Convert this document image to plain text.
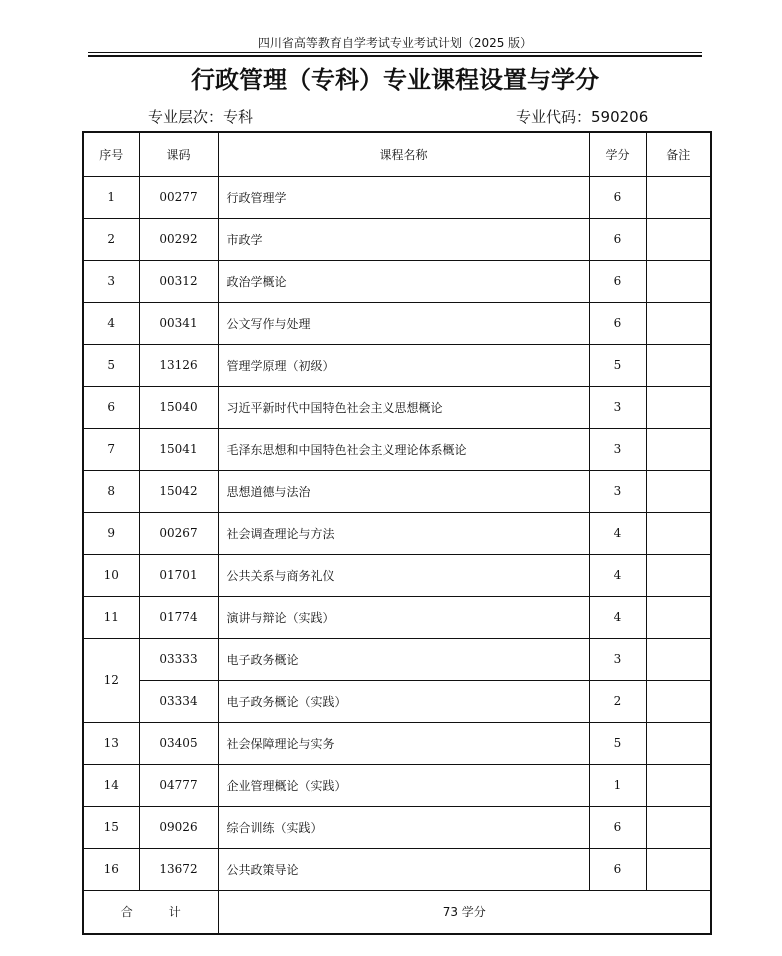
四川省高等教育自学考试专业考试计划（2025 版）
行政管理（专科）专业课程设置与学分
专业层次：专科	专业代码：590206
序号	课码	课程名称	学分	备注
1	00277	行政管理学	6	
2	00292	市政学	6	
3	00312	政治学概论	6	
4	00341	公文写作与处理	6	
5	13126	管理学原理（初级）	5	
6	15040	习近平新时代中国特色社会主义思想概论	3	
7	15041	毛泽东思想和中国特色社会主义理论体系概论	3	
8	15042	思想道德与法治	3	
9	00267	社会调查理论与方法	4	
10	01701	公共关系与商务礼仪	4	
11	01774	演讲与辩论（实践）	4	
12	03333	电子政务概论	3	
	03334	电子政务概论（实践）	2	
13	03405	社会保障理论与实务	5	
14	04777	企业管理概论（实践）	1	
15	09026	综合训练（实践）	6	
16	13672	公共政策导论	6	
合 计		73 学分		
